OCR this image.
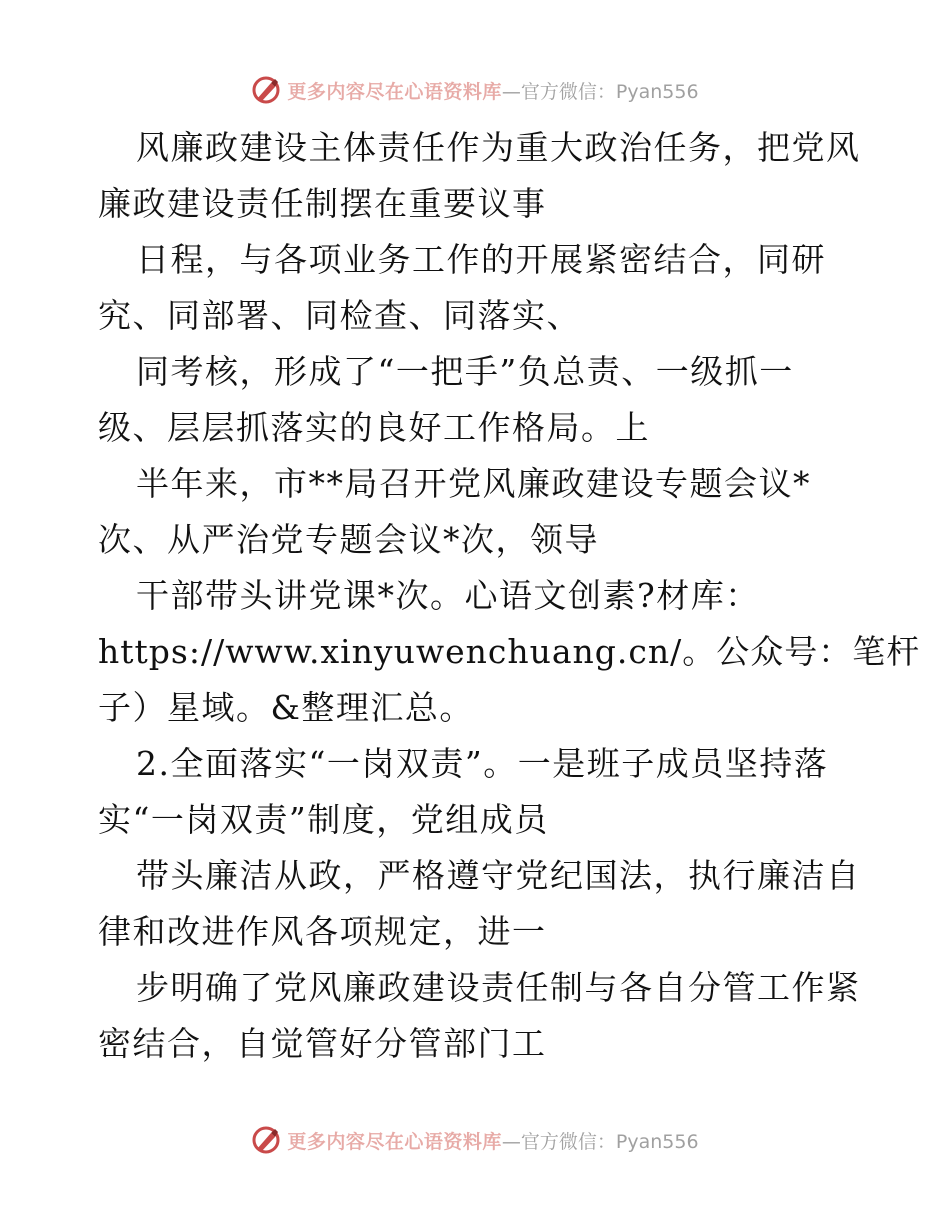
更多内容尽在心语资料库 —官方微信：Pyan556
风廉政建设主体责任作为重大政治任务，把党风
廉政建设责任制摆在重要议事
日程，与各项业务工作的开展紧密结合，同研
究、同部署、同检查、同落实、
同考核，形成了“一把手”负总责、一级抓一
级、层层抓落实的良好工作格局。上
半年来，市**局召开党风廉政建设专题会议*
次、从严治党专题会议*次，领导
干部带头讲党课*次。心语文创素?材库：
https://www.xinyuwenchuang.cn/。公众号：笔杆
子）星域。&整理汇总。
2.全面落实“一岗双责”。一是班子成员坚持落
实“一岗双责”制度，党组成员
带头廉洁从政，严格遵守党纪国法，执行廉洁自
律和改进作风各项规定，进一
步明确了党风廉政建设责任制与各自分管工作紧
密结合，自觉管好分管部门工
更多内容尽在心语资料库 —官方微信：Pyan556
